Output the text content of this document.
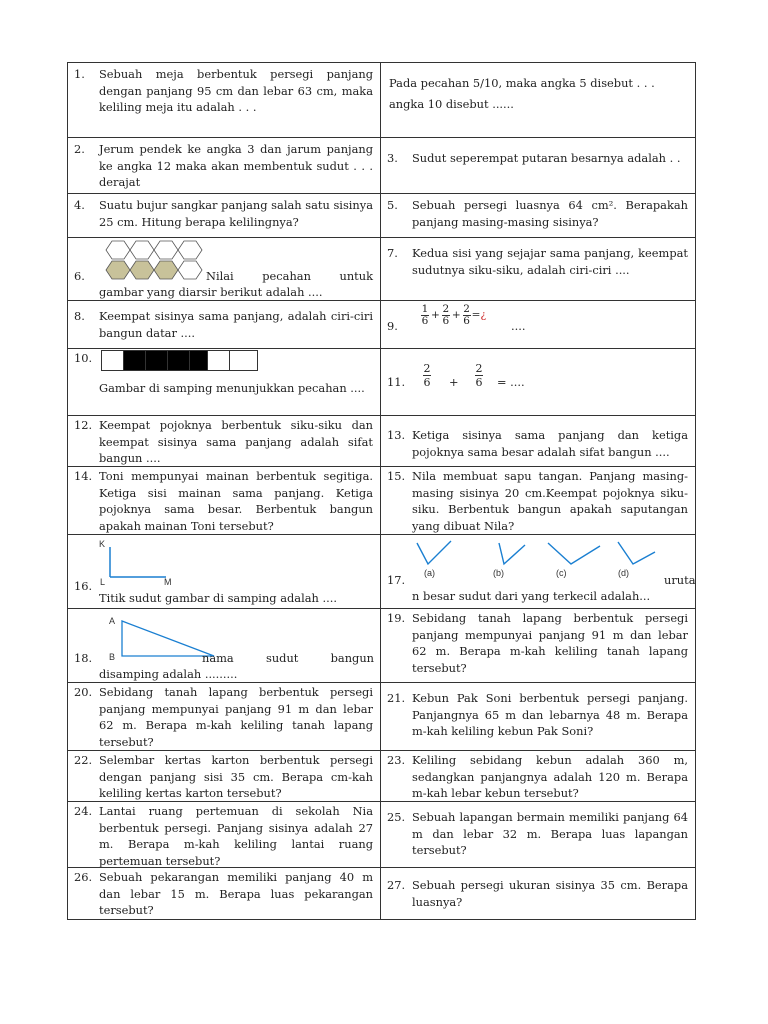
1.	Sebuah meja berbentuk persegi panjang dengan panjang 95 cm dan lebar 63 cm, maka keliling meja itu adalah . . .
Pada pecahan 5/10, maka angka 5 disebut . . .
angka 10 disebut ......
2.	Jerum pendek ke angka 3 dan jarum panjang ke angka 12 maka akan membentuk sudut . . . derajat
3.	Sudut seperempat putaran besarnya adalah . .
4.	Suatu bujur sangkar panjang salah satu sisinya 25 cm. Hitung berapa kelilingnya?
5.	Sebuah persegi luasnya 64 cm². Berapakah panjang masing-masing sisinya?
6.	Nilai pecahan untuk
gambar yang diarsir berikut adalah ....
7.	Kedua sisi yang sejajar sama panjang, keempat sudutnya siku-siku, adalah ciri-ciri ....
8.	Keempat sisinya sama panjang, adalah ciri-ciri bangun datar ....	9. $\frac{1}{6} + \frac{2}{6} + \frac{2}{6}$ = ¿
....
10.
Gambar di samping menunjukkan pecahan ....	11.
2
6 +
2
6 = ....
12. Keempat pojoknya berbentuk siku-siku dan keempat sisinya sama panjang adalah sifat bangun ....
13. Ketiga sisinya sama panjang dan ketiga pojoknya sama besar adalah sifat bangun ....
14. Toni mempunyai mainan berbentuk segitiga. Ketiga sisi mainan sama panjang. Ketiga pojoknya sama besar. Berbentuk bangun apakah mainan Toni tersebut?
15. Nila membuat sapu tangan. Panjang masing-masing sisinya 20 cm.Keempat pojoknya siku-siku. Berbentuk bangun apakah saputangan yang dibuat Nila?
K
L	M
16.
Titik sudut gambar di samping adalah ....
(a)	(b)	(c)	(d)
17.	uruta
n besar sudut dari yang terkecil adalah...
A
B
18.	nama sudut bangun
disamping adalah .........
19. Sebidang tanah lapang berbentuk persegi panjang mempunyai panjang 91 m dan lebar 62 m. Berapa m-kah keliling tanah lapang tersebut?
20. Sebidang tanah lapang berbentuk persegi panjang mempunyai panjang 91 m dan lebar 62 m. Berapa m-kah keliling tanah lapang tersebut?
21. Kebun Pak Soni berbentuk persegi panjang. Panjangnya 65 m dan lebarnya 48 m. Berapa m-kah keliling kebun Pak Soni?
22. Selembar kertas karton berbentuk persegi dengan panjang sisi 35 cm. Berapa cm-kah keliling kertas karton tersebut?
23. Keliling sebidang kebun adalah 360 m, sedangkan panjangnya adalah 120 m. Berapa m-kah lebar kebun tersebut?
24. Lantai ruang pertemuan di sekolah Nia berbentuk persegi. Panjang sisinya adalah 27 m. Berapa m-kah keliling lantai ruang pertemuan tersebut?
25. Sebuah lapangan bermain memiliki panjang 64 m dan lebar 32 m. Berapa luas lapangan tersebut?
26. Sebuah pekarangan memiliki panjang 40 m dan lebar 15 m. Berapa luas pekarangan tersebut?
27. Sebuah persegi ukuran sisinya 35 cm. Berapa luasnya?
